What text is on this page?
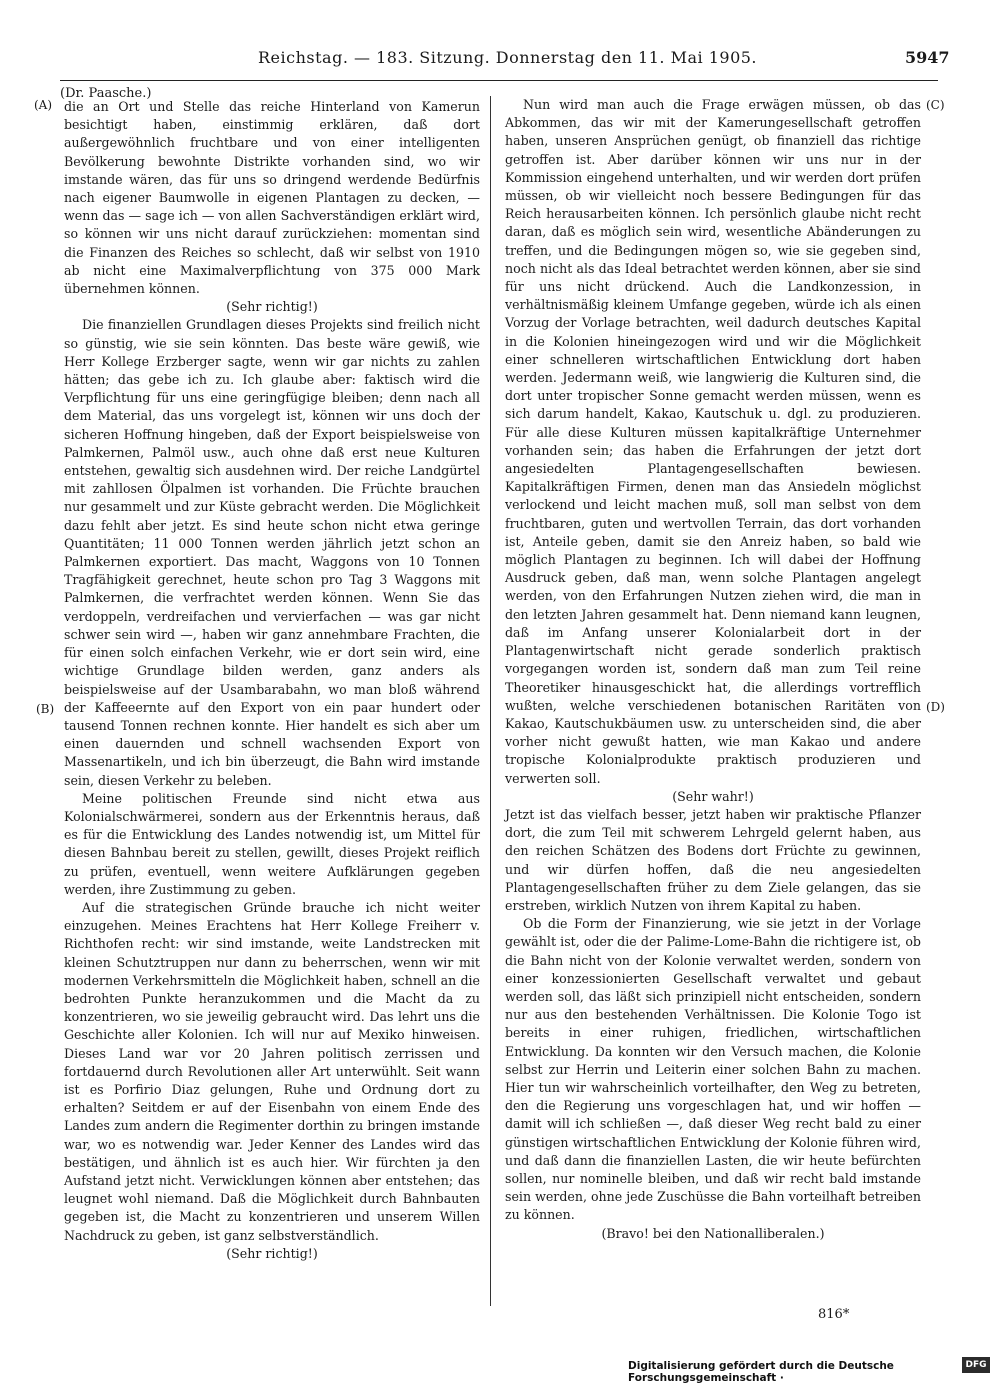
Reichstag. — 183. Sitzung. Donnerstag den 11. Mai 1905.	5947
(Dr. Paasche.)
(A)
(B)
(C)
(D)

die an Ort und Stelle das reiche Hinterland von Kamerun besichtigt haben, einstimmig erklären, daß dort außergewöhnlich fruchtbare und von einer intelligenten Bevölkerung bewohnte Distrikte vorhanden sind, wo wir imstande wären, das für uns so dringend werdende Bedürfnis nach eigener Baumwolle in eigenen Plantagen zu decken, — wenn das — sage ich — von allen Sachverständigen erklärt wird, so können wir uns nicht darauf zurückziehen: momentan sind die Finanzen des Reiches so schlecht, daß wir selbst von 1910 ab nicht eine Maximalverpflichtung von 375 000 Mark übernehmen können.

(Sehr richtig!)

Die finanziellen Grundlagen dieses Projekts sind freilich nicht so günstig, wie sie sein könnten. Das beste wäre gewiß, wie Herr Kollege Erzberger sagte, wenn wir gar nichts zu zahlen hätten; das gebe ich zu. Ich glaube aber: faktisch wird die Verpflichtung für uns eine geringfügige bleiben; denn nach all dem Material, das uns vorgelegt ist, können wir uns doch der sicheren Hoffnung hingeben, daß der Export beispielsweise von Palmkernen, Palmöl usw., auch ohne daß erst neue Kulturen entstehen, gewaltig sich ausdehnen wird. Der reiche Landgürtel mit zahllosen Ölpalmen ist vorhanden. Die Früchte brauchen nur gesammelt und zur Küste gebracht werden. Die Möglichkeit dazu fehlt aber jetzt. Es sind heute schon nicht etwa geringe Quantitäten; 11 000 Tonnen werden jährlich jetzt schon an Palmkernen exportiert. Das macht, Waggons von 10 Tonnen Tragfähigkeit gerechnet, heute schon pro Tag 3 Waggons mit Palmkernen, die verfrachtet werden können. Wenn Sie das verdoppeln, verdreifachen und vervierfachen — was gar nicht schwer sein wird —, haben wir ganz annehmbare Frachten, die für einen solch einfachen Verkehr, wie er dort sein wird, eine wichtige Grundlage bilden werden, ganz anders als beispielsweise auf der Usambarabahn, wo man bloß während der Kaffeeernte auf den Export von ein paar hundert oder tausend Tonnen rechnen konnte. Hier handelt es sich aber um einen dauernden und schnell wachsenden Export von Massenartikeln, und ich bin überzeugt, die Bahn wird imstande sein, diesen Verkehr zu beleben.

Meine politischen Freunde sind nicht etwa aus Kolonialschwärmerei, sondern aus der Erkenntnis heraus, daß es für die Entwicklung des Landes notwendig ist, um Mittel für diesen Bahnbau bereit zu stellen, gewillt, dieses Projekt reiflich zu prüfen, eventuell, wenn weitere Aufklärungen gegeben werden, ihre Zustimmung zu geben.

Auf die strategischen Gründe brauche ich nicht weiter einzugehen. Meines Erachtens hat Herr Kollege Freiherr v. Richthofen recht: wir sind imstande, weite Landstrecken mit kleinen Schutztruppen nur dann zu beherrschen, wenn wir mit modernen Verkehrsmitteln die Möglichkeit haben, schnell an die bedrohten Punkte heranzukommen und die Macht da zu konzentrieren, wo sie jeweilig gebraucht wird. Das lehrt uns die Geschichte aller Kolonien. Ich will nur auf Mexiko hinweisen. Dieses Land war vor 20 Jahren politisch zerrissen und fortdauernd durch Revolutionen aller Art unterwühlt. Seit wann ist es Porfirio Diaz gelungen, Ruhe und Ordnung dort zu erhalten? Seitdem er auf der Eisenbahn von einem Ende des Landes zum andern die Regimenter dorthin zu bringen imstande war, wo es notwendig war. Jeder Kenner des Landes wird das bestätigen, und ähnlich ist es auch hier. Wir fürchten ja den Aufstand jetzt nicht. Verwicklungen können aber entstehen; das leugnet wohl niemand. Daß die Möglichkeit durch Bahnbauten gegeben ist, die Macht zu konzentrieren und unserem Willen Nachdruck zu geben, ist ganz selbstverständlich.

(Sehr richtig!)

Nun wird man auch die Frage erwägen müssen, ob das Abkommen, das wir mit der Kamerungesellschaft getroffen haben, unseren Ansprüchen genügt, ob finanziell das richtige getroffen ist. Aber darüber können wir uns nur in der Kommission eingehend unterhalten, und wir werden dort prüfen müssen, ob wir vielleicht noch bessere Bedingungen für das Reich herausarbeiten können. Ich persönlich glaube nicht recht daran, daß es möglich sein wird, wesentliche Abänderungen zu treffen, und die Bedingungen mögen so, wie sie gegeben sind, noch nicht als das Ideal betrachtet werden können, aber sie sind für uns nicht drückend. Auch die Landkonzession, in verhältnismäßig kleinem Umfange gegeben, würde ich als einen Vorzug der Vorlage betrachten, weil dadurch deutsches Kapital in die Kolonien hineingezogen wird und wir die Möglichkeit einer schnelleren wirtschaftlichen Entwicklung dort haben werden. Jedermann weiß, wie langwierig die Kulturen sind, die dort unter tropischer Sonne gemacht werden müssen, wenn es sich darum handelt, Kakao, Kautschuk u. dgl. zu produzieren. Für alle diese Kulturen müssen kapitalkräftige Unternehmer vorhanden sein; das haben die Erfahrungen der jetzt dort angesiedelten Plantagengesellschaften bewiesen. Kapitalkräftigen Firmen, denen man das Ansiedeln möglichst verlockend und leicht machen muß, soll man selbst von dem fruchtbaren, guten und wertvollen Terrain, das dort vorhanden ist, Anteile geben, damit sie den Anreiz haben, so bald wie möglich Plantagen zu beginnen. Ich will dabei der Hoffnung Ausdruck geben, daß man, wenn solche Plantagen angelegt werden, von den Erfahrungen Nutzen ziehen wird, die man in den letzten Jahren gesammelt hat. Denn niemand kann leugnen, daß im Anfang unserer Kolonialarbeit dort in der Plantagenwirtschaft nicht gerade sonderlich praktisch vorgegangen worden ist, sondern daß man zum Teil reine Theoretiker hinausgeschickt hat, die allerdings vortrefflich wußten, welche verschiedenen botanischen Raritäten von Kakao, Kautschukbäumen usw. zu unterscheiden sind, die aber vorher nicht gewußt hatten, wie man Kakao und andere tropische Kolonialprodukte praktisch produzieren und verwerten soll.

(Sehr wahr!)

Jetzt ist das vielfach besser, jetzt haben wir praktische Pflanzer dort, die zum Teil mit schwerem Lehrgeld gelernt haben, aus den reichen Schätzen des Bodens dort Früchte zu gewinnen, und wir dürfen hoffen, daß die neu angesiedelten Plantagengesellschaften früher zu dem Ziele gelangen, das sie erstreben, wirklich Nutzen von ihrem Kapital zu haben.

Ob die Form der Finanzierung, wie sie jetzt in der Vorlage gewählt ist, oder die der Palime-Lome-Bahn die richtigere ist, ob die Bahn nicht von der Kolonie verwaltet werden, sondern von einer konzessionierten Gesellschaft verwaltet und gebaut werden soll, das läßt sich prinzipiell nicht entscheiden, sondern nur aus den bestehenden Verhältnissen. Die Kolonie Togo ist bereits in einer ruhigen, friedlichen, wirtschaftlichen Entwicklung. Da konnten wir den Versuch machen, die Kolonie selbst zur Herrin und Leiterin einer solchen Bahn zu machen. Hier tun wir wahrscheinlich vorteilhafter, den Weg zu betreten, den die Regierung uns vorgeschlagen hat, und wir hoffen — damit will ich schließen —, daß dieser Weg recht bald zu einer günstigen wirtschaftlichen Entwicklung der Kolonie führen wird, und daß dann die finanziellen Lasten, die wir heute befürchten sollen, nur nominelle bleiben, und daß wir recht bald imstande sein werden, ohne jede Zuschüsse die Bahn vorteilhaft betreiben zu können.

(Bravo! bei den Nationalliberalen.)

816*
Digitalisierung gefördert durch die Deutsche Forschungsgemeinschaft ·
DFG
